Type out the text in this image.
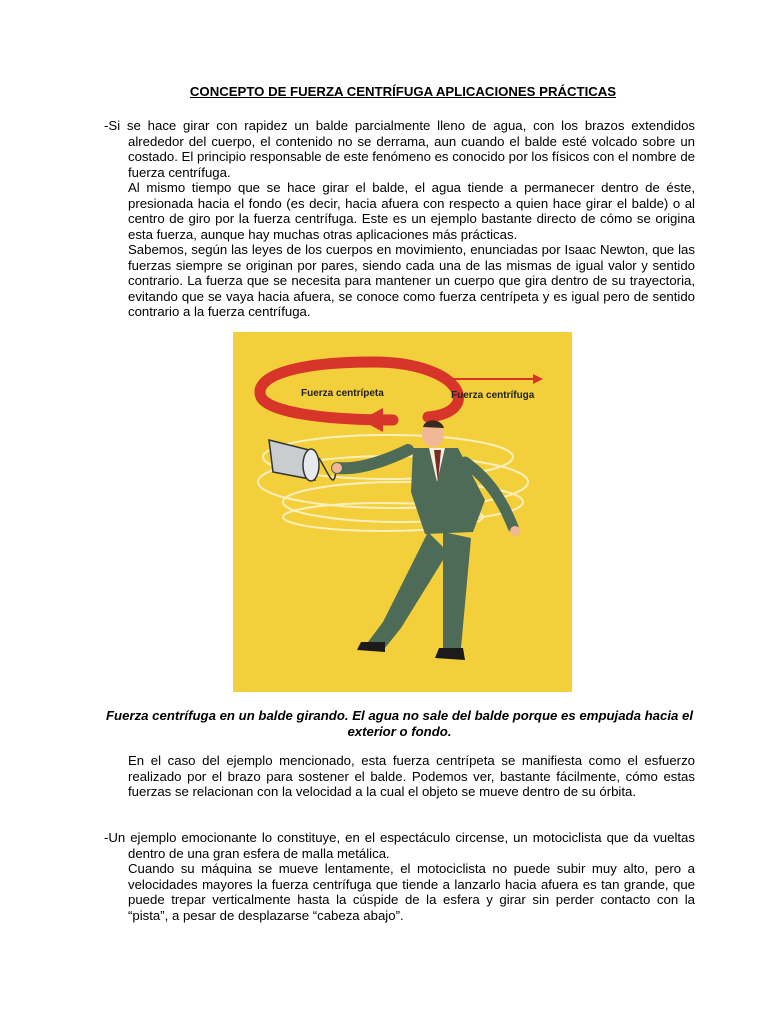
CONCEPTO DE FUERZA CENTRÍFUGA APLICACIONES PRÁCTICAS

-Si se hace girar con rapidez un balde parcialmente lleno de agua, con los brazos extendidos alrededor del cuerpo, el contenido no se derrama, aun cuando el balde esté volcado sobre un costado. El principio responsable de este fenómeno es conocido por los físicos con el nombre de fuerza centrífuga.

Al mismo tiempo que se hace girar el balde, el agua tiende a permanecer dentro de éste, presionada hacia el fondo (es decir, hacia afuera con respecto a quien hace girar el balde) o al centro de giro por la fuerza centrífuga. Este es un ejemplo bastante directo de cómo se origina esta fuerza, aunque hay muchas otras aplicaciones más prácticas.

Sabemos, según las leyes de los cuerpos en movimiento, enunciadas por Isaac Newton, que las fuerzas siempre se originan por pares, siendo cada una de las mismas de igual valor y sentido contrario. La fuerza que se necesita para mantener un cuerpo que gira dentro de su trayectoria, evitando que se vaya hacia afuera, se conoce como fuerza centrípeta y es igual pero de sentido contrario a la fuerza centrífuga.

Fuerza centrípeta	Fuerza centrífuga
Fuerza centrífuga en un balde girando. El agua no sale del balde porque es empujada hacia el exterior o fondo.

En el caso del ejemplo mencionado, esta fuerza centrípeta se manifiesta como el esfuerzo realizado por el brazo para sostener el balde. Podemos ver, bastante fácilmente, cómo estas fuerzas se relacionan con la velocidad a la cual el objeto se mueve dentro de su órbita.

-Un ejemplo emocionante lo constituye, en el espectáculo circense, un motociclista que da vueltas dentro de una gran esfera de malla metálica.

Cuando su máquina se mueve lentamente, el motociclista no puede subir muy alto, pero a velocidades mayores la fuerza centrífuga que tiende a lanzarlo hacia afuera es tan grande, que puede trepar verticalmente hasta la cúspide de la esfera y girar sin perder contacto con la “pista”, a pesar de desplazarse “cabeza abajo”.
